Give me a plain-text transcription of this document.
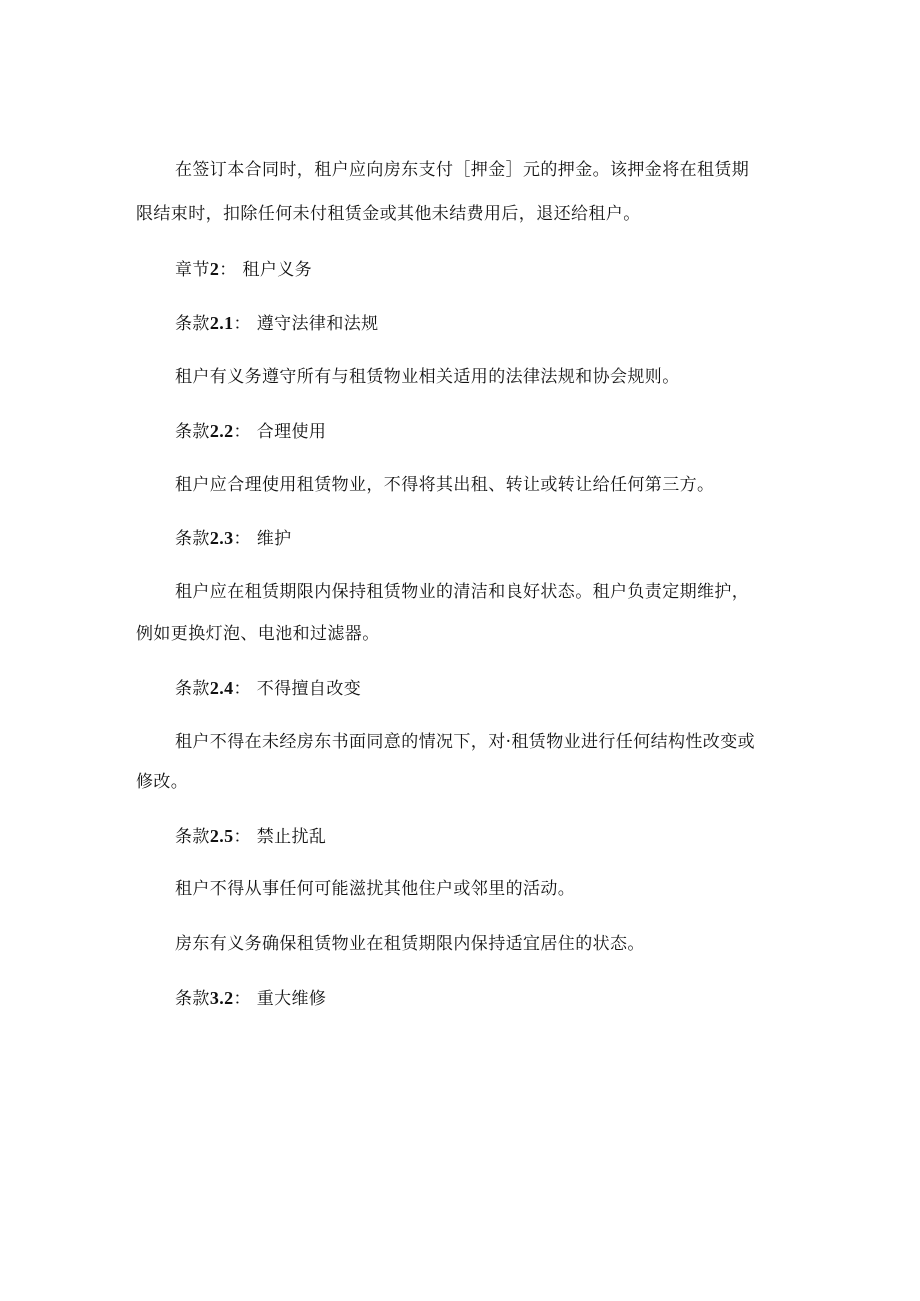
在签订本合同时，租户应向房东支付［押金］元的押金。该押金将在租赁期
限结束时，扣除任何未付租赁金或其他未结费用后，退还给租户。
章节2： 租户义务
条款2.1： 遵守法律和法规
租户有义务遵守所有与租赁物业相关适用的法律法规和协会规则。
条款2.2： 合理使用
租户应合理使用租赁物业，不得将其出租、转让或转让给任何第三方。
条款2.3： 维护
租户应在租赁期限内保持租赁物业的清洁和良好状态。租户负责定期维护，
例如更换灯泡、电池和过滤器。
条款2.4： 不得擅自改变
租户不得在未经房东书面同意的情况下，对·租赁物业进行任何结构性改变或
修改。
条款2.5： 禁止扰乱
租户不得从事任何可能滋扰其他住户或邻里的活动。
房东有义务确保租赁物业在租赁期限内保持适宜居住的状态。
条款3.2： 重大维修
